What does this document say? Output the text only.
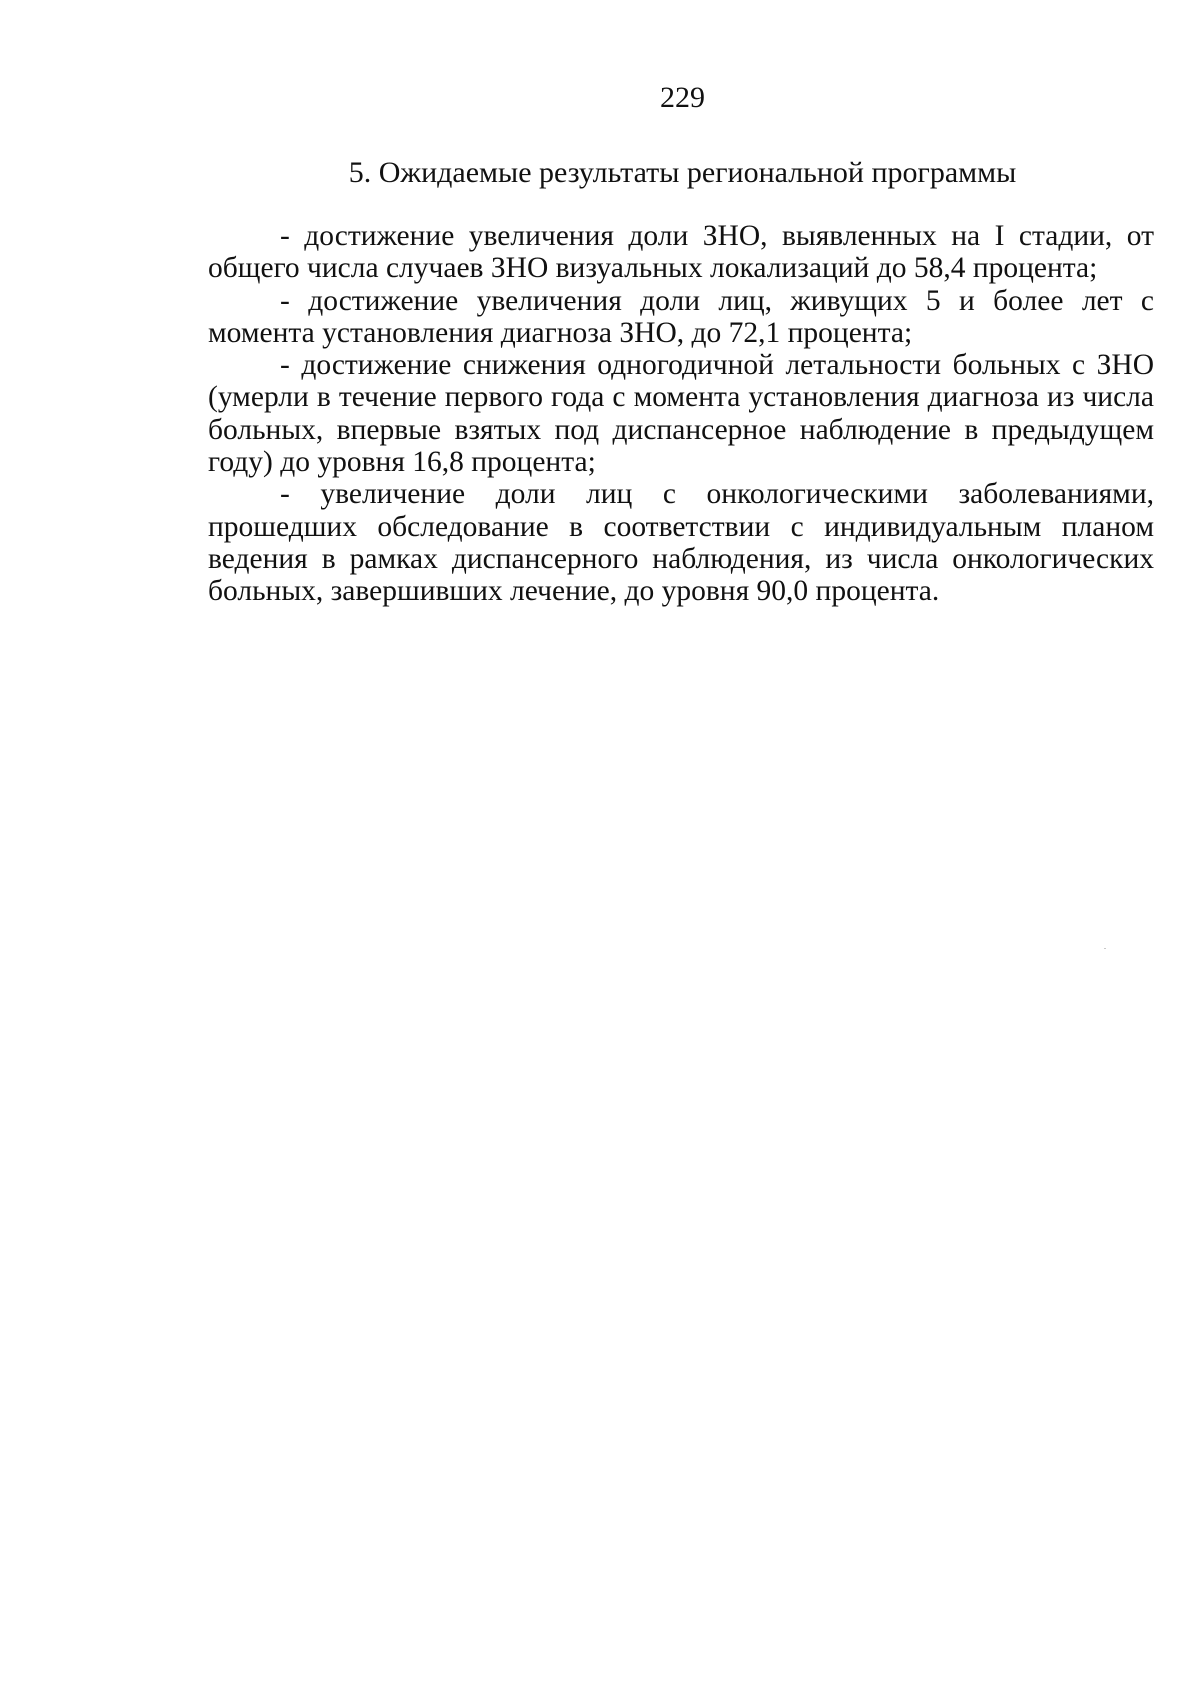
229
5. Ожидаемые результаты региональной программы

- достижение увеличения доли ЗНО, выявленных на I стадии, от общего числа случаев ЗНО визуальных локализаций до 58,4 процента;

- достижение увеличения доли лиц, живущих 5 и более лет с момента установления диагноза ЗНО, до 72,1 процента;

- достижение снижения одногодичной летальности больных с ЗНО (умерли в течение первого года с момента установления диагноза из числа больных, впервые взятых под диспансерное наблюдение в предыдущем году) до уровня 16,8 процента;

- увеличение доли лиц с онкологическими заболеваниями, прошедших обследование в соответствии с индивидуальным планом ведения в рамках диспансерного наблюдения, из числа онкологических больных, завершивших лечение, до уровня 90,0 процента.
